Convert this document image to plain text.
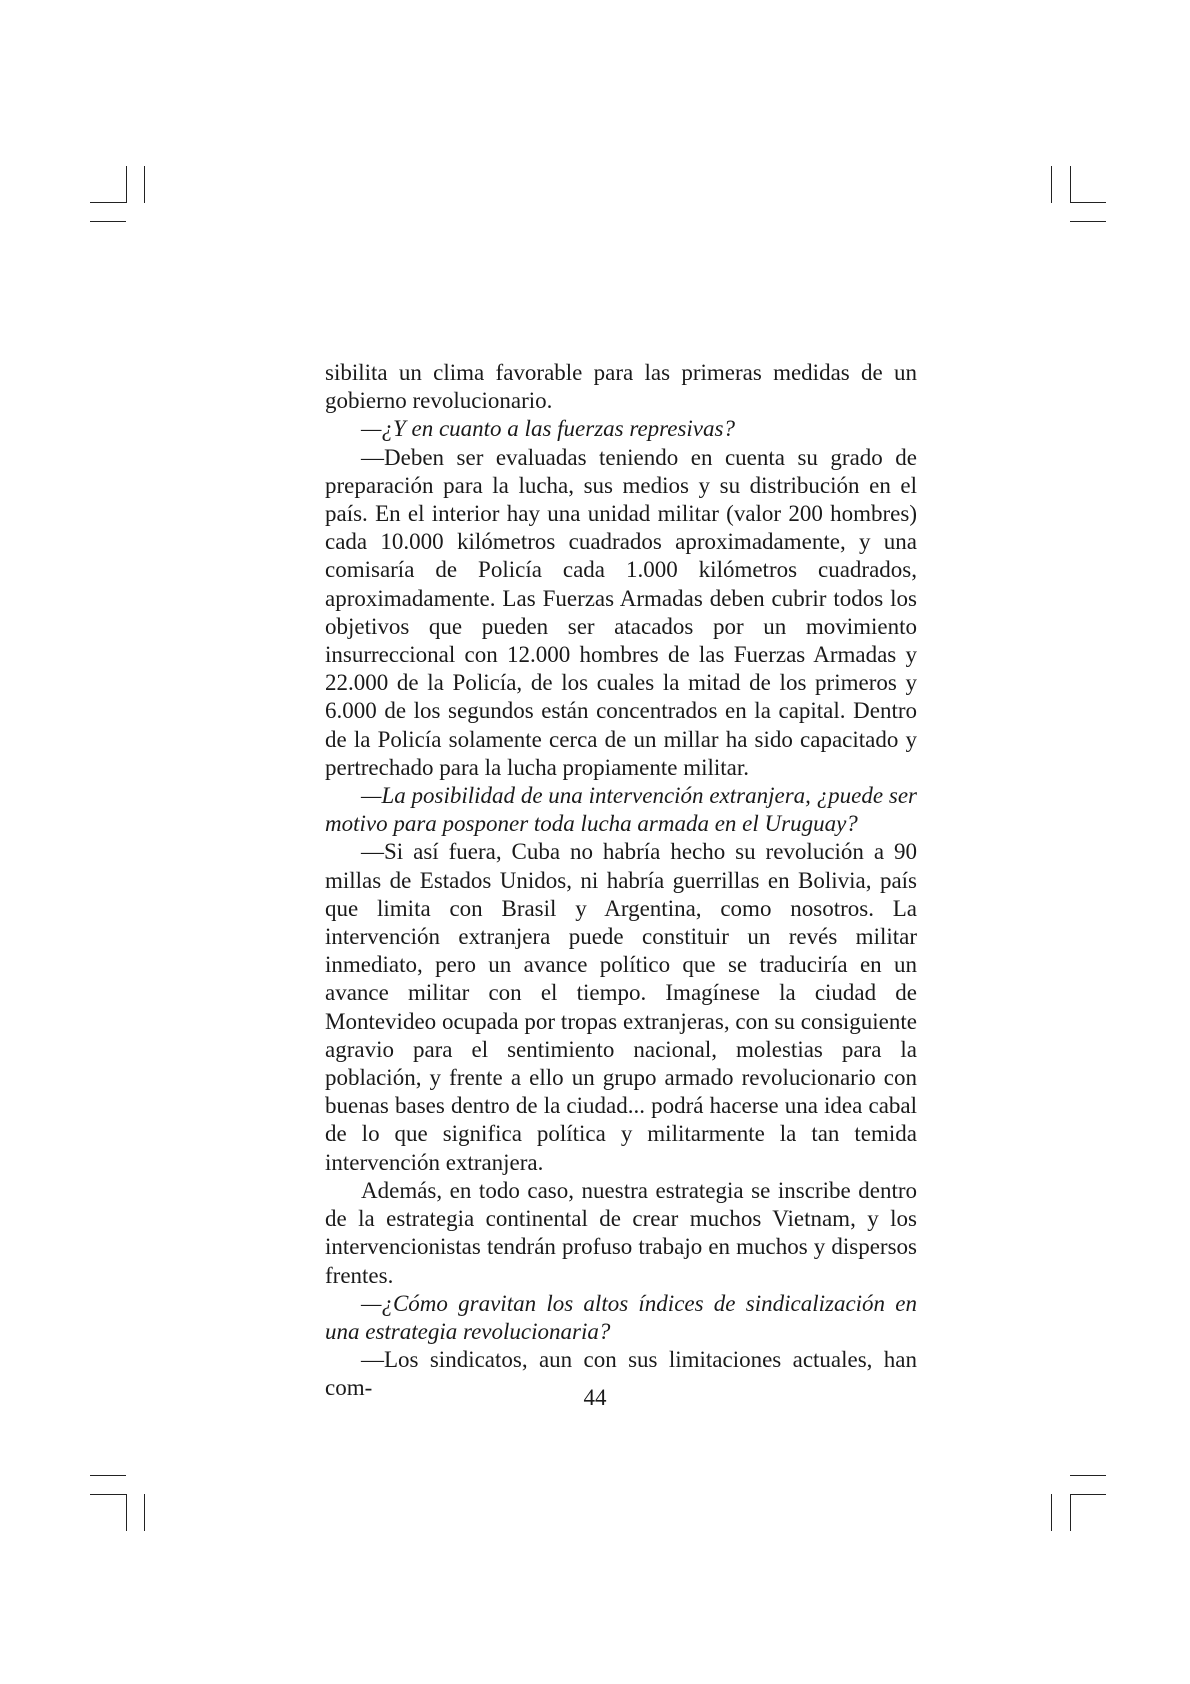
sibilita un clima favorable para las primeras medidas de un gobierno revolucionario.

—¿Y en cuanto a las fuerzas represivas?

—Deben ser evaluadas teniendo en cuenta su grado de preparación para la lucha, sus medios y su distribución en el país. En el interior hay una unidad militar (valor 200 hombres) cada 10.000 kilómetros cuadrados aproximadamente, y una comisaría de Policía cada 1.000 kilómetros cuadrados, aproximadamente. Las Fuerzas Armadas deben cubrir todos los objetivos que pueden ser atacados por un movimiento insurreccional con 12.000 hombres de las Fuerzas Armadas y 22.000 de la Policía, de los cuales la mitad de los primeros y 6.000 de los segundos están concentrados en la capital. Dentro de la Policía solamente cerca de un millar ha sido capacitado y pertrechado para la lucha propiamente militar.

—La posibilidad de una intervención extranjera, ¿puede ser motivo para posponer toda lucha armada en el Uruguay?

—Si así fuera, Cuba no habría hecho su revolución a 90 millas de Estados Unidos, ni habría guerrillas en Bolivia, país que limita con Brasil y Argentina, como nosotros. La intervención extranjera puede constituir un revés militar inmediato, pero un avance político que se traduciría en un avance militar con el tiempo. Imagínese la ciudad de Montevideo ocupada por tropas extranjeras, con su consiguiente agravio para el sentimiento nacional, molestias para la población, y frente a ello un grupo armado revolucionario con buenas bases dentro de la ciudad... podrá hacerse una idea cabal de lo que significa política y militarmente la tan temida intervención extranjera.

Además, en todo caso, nuestra estrategia se inscribe dentro de la estrategia continental de crear muchos Vietnam, y los intervencionistas tendrán profuso trabajo en muchos y dispersos frentes.

—¿Cómo gravitan los altos índices de sindicalización en una estrategia revolucionaria?

—Los sindicatos, aun con sus limitaciones actuales, han com-	44
